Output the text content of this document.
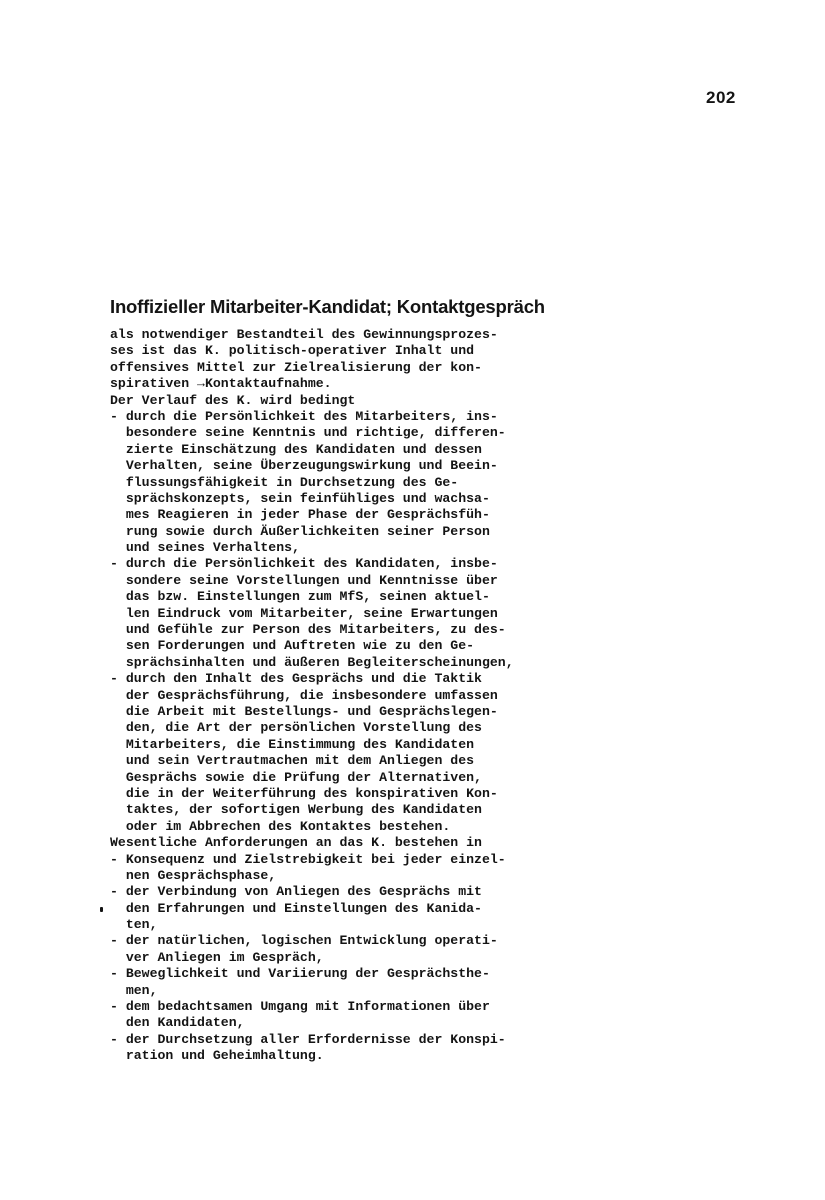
202
Inoffizieller Mitarbeiter-Kandidat; Kontaktgespräch
als notwendiger Bestandteil des Gewinnungsprozes-
ses ist das K. politisch-operativer Inhalt und
offensives Mittel zur Zielrealisierung der kon-
spirativen →Kontaktaufnahme.
Der Verlauf des K. wird bedingt
- durch die Persönlichkeit des Mitarbeiters, ins-
besondere seine Kenntnis und richtige, differen-
zierte Einschätzung des Kandidaten und dessen
Verhalten, seine Überzeugungswirkung und Beein-
flussungsfähigkeit in Durchsetzung des Ge-
sprächskonzepts, sein feinfühliges und wachsa-
mes Reagieren in jeder Phase der Gesprächsfüh-
rung sowie durch Äußerlichkeiten seiner Person
und seines Verhaltens,
- durch die Persönlichkeit des Kandidaten, insbe-
sondere seine Vorstellungen und Kenntnisse über
das bzw. Einstellungen zum MfS, seinen aktuel-
len Eindruck vom Mitarbeiter, seine Erwartungen
und Gefühle zur Person des Mitarbeiters, zu des-
sen Forderungen und Auftreten wie zu den Ge-
sprächsinhalten und äußeren Begleiterscheinungen,
- durch den Inhalt des Gesprächs und die Taktik
der Gesprächsführung, die insbesondere umfassen
die Arbeit mit Bestellungs- und Gesprächslegen-
den, die Art der persönlichen Vorstellung des
Mitarbeiters, die Einstimmung des Kandidaten
und sein Vertrautmachen mit dem Anliegen des
Gesprächs sowie die Prüfung der Alternativen,
die in der Weiterführung des konspirativen Kon-
taktes, der sofortigen Werbung des Kandidaten
oder im Abbrechen des Kontaktes bestehen.
Wesentliche Anforderungen an das K. bestehen in
- Konsequenz und Zielstrebigkeit bei jeder einzel-
nen Gesprächsphase,
- der Verbindung von Anliegen des Gesprächs mit
den Erfahrungen und Einstellungen des Kanida-
ten,
- der natürlichen, logischen Entwicklung operati-
ver Anliegen im Gespräch,
- Beweglichkeit und Variierung der Gesprächsthe-
men,
- dem bedachtsamen Umgang mit Informationen über
den Kandidaten,
- der Durchsetzung aller Erfordernisse der Konspi-
ration und Geheimhaltung.
